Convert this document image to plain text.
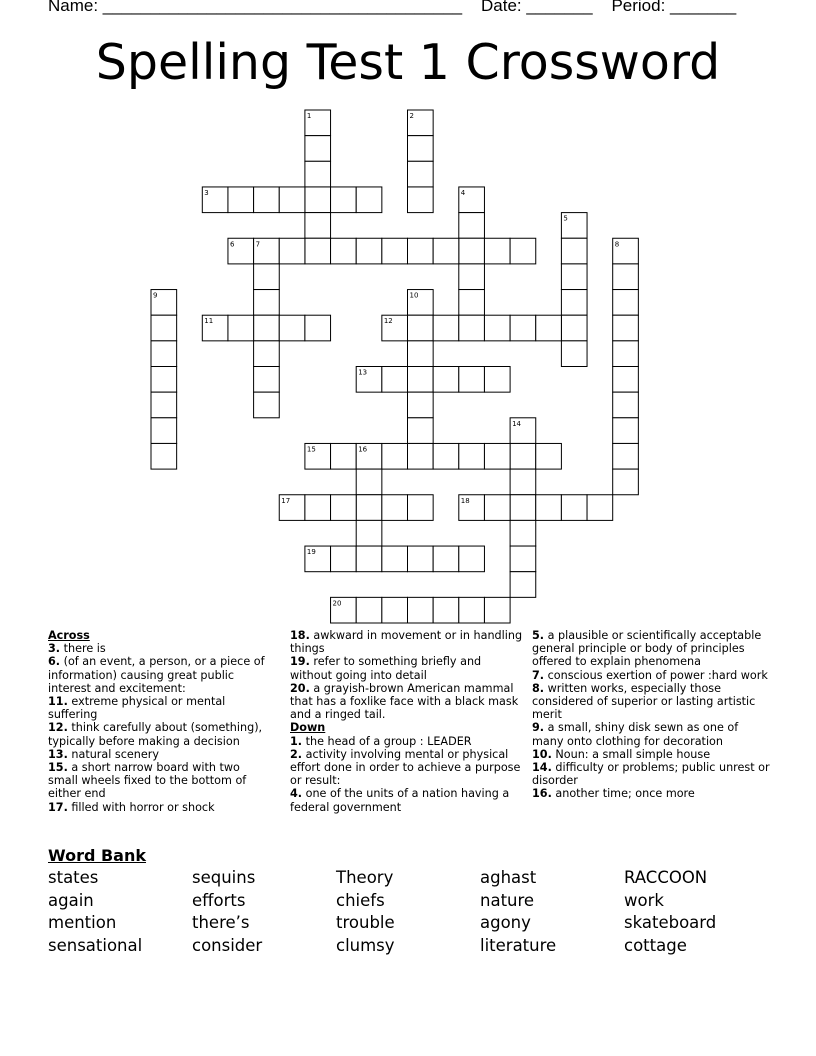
Name: ______________________________________ Date: _______ Period: _______
Spelling Test 1 Crossword
1	2
3	4
5
6	7	8
9	10
11	12
13
14
15	16
17	18
19
20
Across
3. there is
6. (of an event, a person, or a piece of information) causing great public interest and excitement:
11. extreme physical or mental suffering
12. think carefully about (something), typically before making a decision
13. natural scenery
15. a short narrow board with two small wheels fixed to the bottom of either end
17. filled with horror or shock
18. awkward in movement or in handling things
19. refer to something briefly and without going into detail
20. a grayish-brown American mammal that has a foxlike face with a black mask and a ringed tail.
Down
1. the head of a group : LEADER
2. activity involving mental or physical effort done in order to achieve a purpose or result:
4. one of the units of a nation having a federal government
5. a plausible or scientifically acceptable general principle or body of principles offered to explain phenomena
7. conscious exertion of power :hard work
8. written works, especially those considered of superior or lasting artistic merit
9. a small, shiny disk sewn as one of many onto clothing for decoration
10. Noun: a small simple house
14. difficulty or problems; public unrest or disorder
16. another time; once more
Word Bank
states	sequins	Theory	aghast	RACCOON
again	efforts	chiefs	nature	work
mention	there’s	trouble	agony	skateboard
sensational	consider	clumsy	literature	cottage
